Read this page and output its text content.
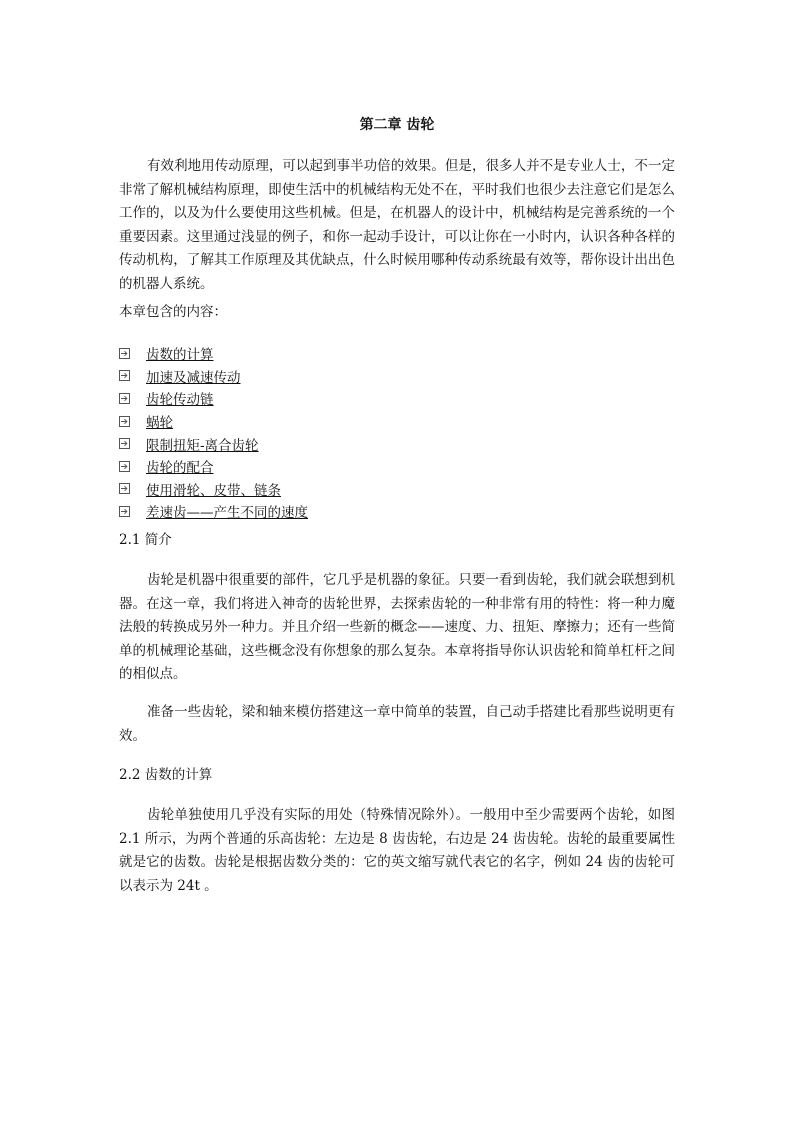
第二章 齿轮

有效利地用传动原理，可以起到事半功倍的效果。但是，很多人并不是专业人士，不一定非常了解机械结构原理，即使生活中的机械结构无处不在，平时我们也很少去注意它们是怎么工作的，以及为什么要使用这些机械。但是，在机器人的设计中，机械结构是完善系统的一个重要因素。这里通过浅显的例子，和你一起动手设计，可以让你在一小时内，认识各种各样的传动机构，了解其工作原理及其优缺点，什么时候用哪种传动系统最有效等，帮你设计出出色的机器人系统。

本章包含的内容：

齿数的计算
加速及减速传动
齿轮传动链
蜗轮
限制扭矩-离合齿轮
齿轮的配合
使用滑轮、皮带、链条
差速齿——产生不同的速度

2.1 简介

齿轮是机器中很重要的部件，它几乎是机器的象征。只要一看到齿轮，我们就会联想到机器。在这一章，我们将进入神奇的齿轮世界，去探索齿轮的一种非常有用的特性：将一种力魔法般的转换成另外一种力。并且介绍一些新的概念——速度、力、扭矩、摩擦力；还有一些简单的机械理论基础，这些概念没有你想象的那么复杂。本章将指导你认识齿轮和简单杠杆之间的相似点。

准备一些齿轮，梁和轴来模仿搭建这一章中简单的装置，自己动手搭建比看那些说明更有效。

2.2 齿数的计算

齿轮单独使用几乎没有实际的用处（特殊情况除外）。一般用中至少需要两个齿轮，如图 2.1 所示，为两个普通的乐高齿轮：左边是 8 齿齿轮，右边是 24 齿齿轮。齿轮的最重要属性就是它的齿数。齿轮是根据齿数分类的：它的英文缩写就代表它的名字，例如 24 齿的齿轮可以表示为 24t 。
